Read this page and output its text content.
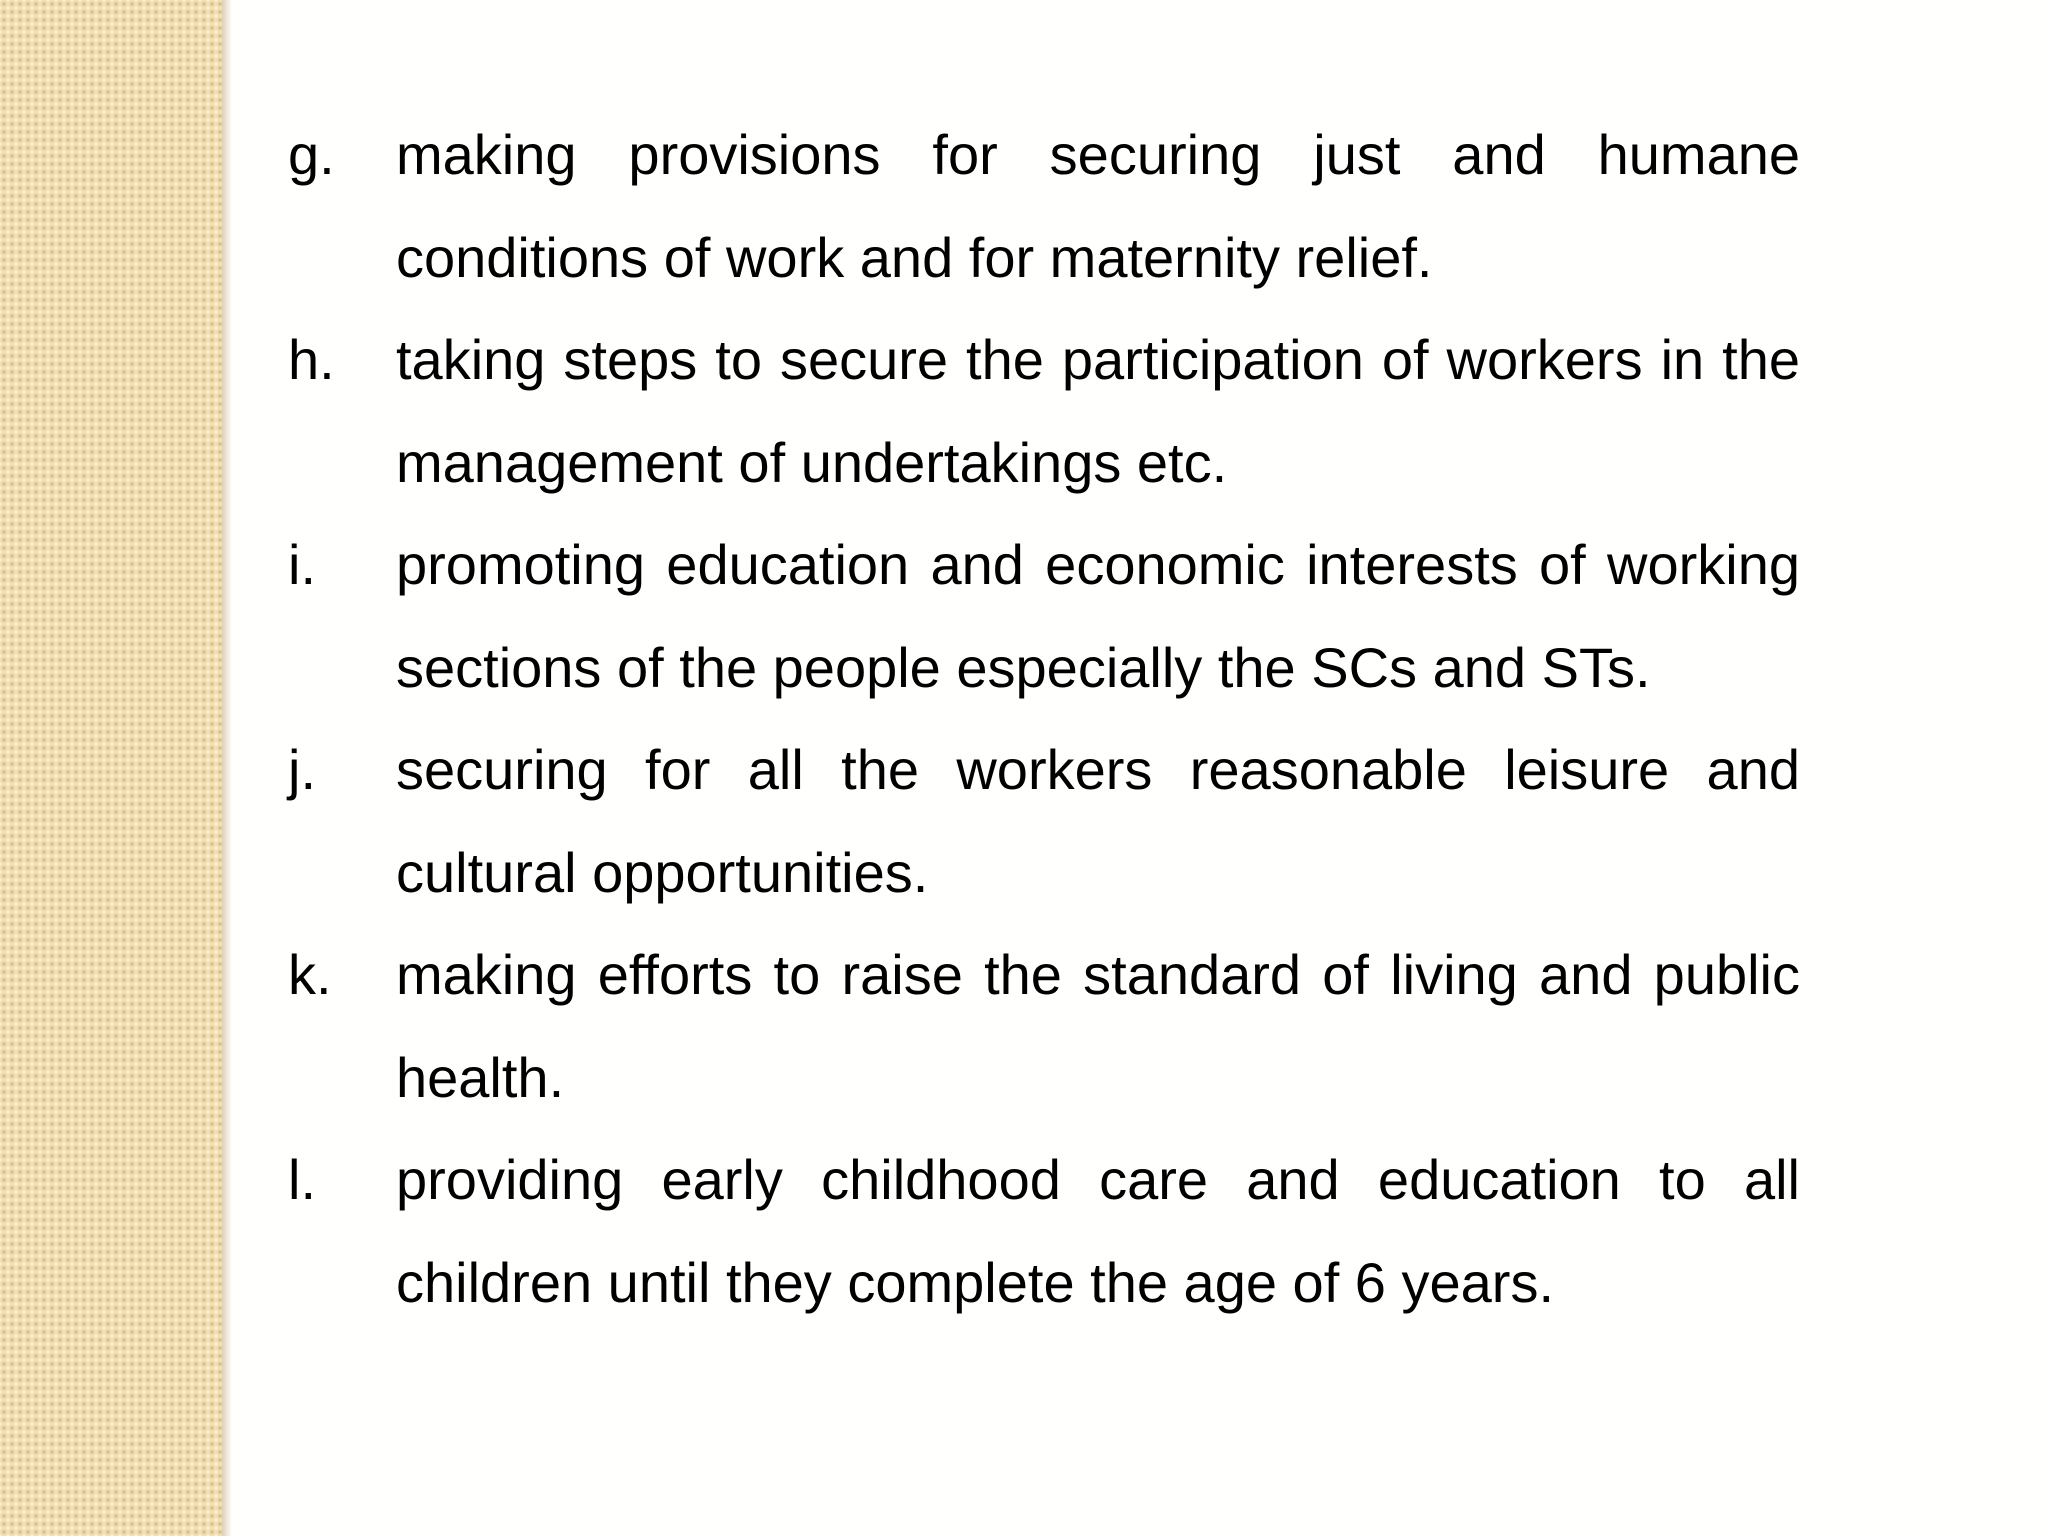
g.	making provisions for securing just and humane conditions of work and for maternity relief.
h.	taking steps to secure the participation of workers in the management of undertakings etc.
i.	promoting education and economic interests of working sections of the people especially the SCs and STs.
j.	securing for all the workers reasonable leisure and cultural opportunities.
k.	making efforts to raise the standard of living and public health.
l.	providing early childhood care and education to all children until they complete the age of 6 years.
